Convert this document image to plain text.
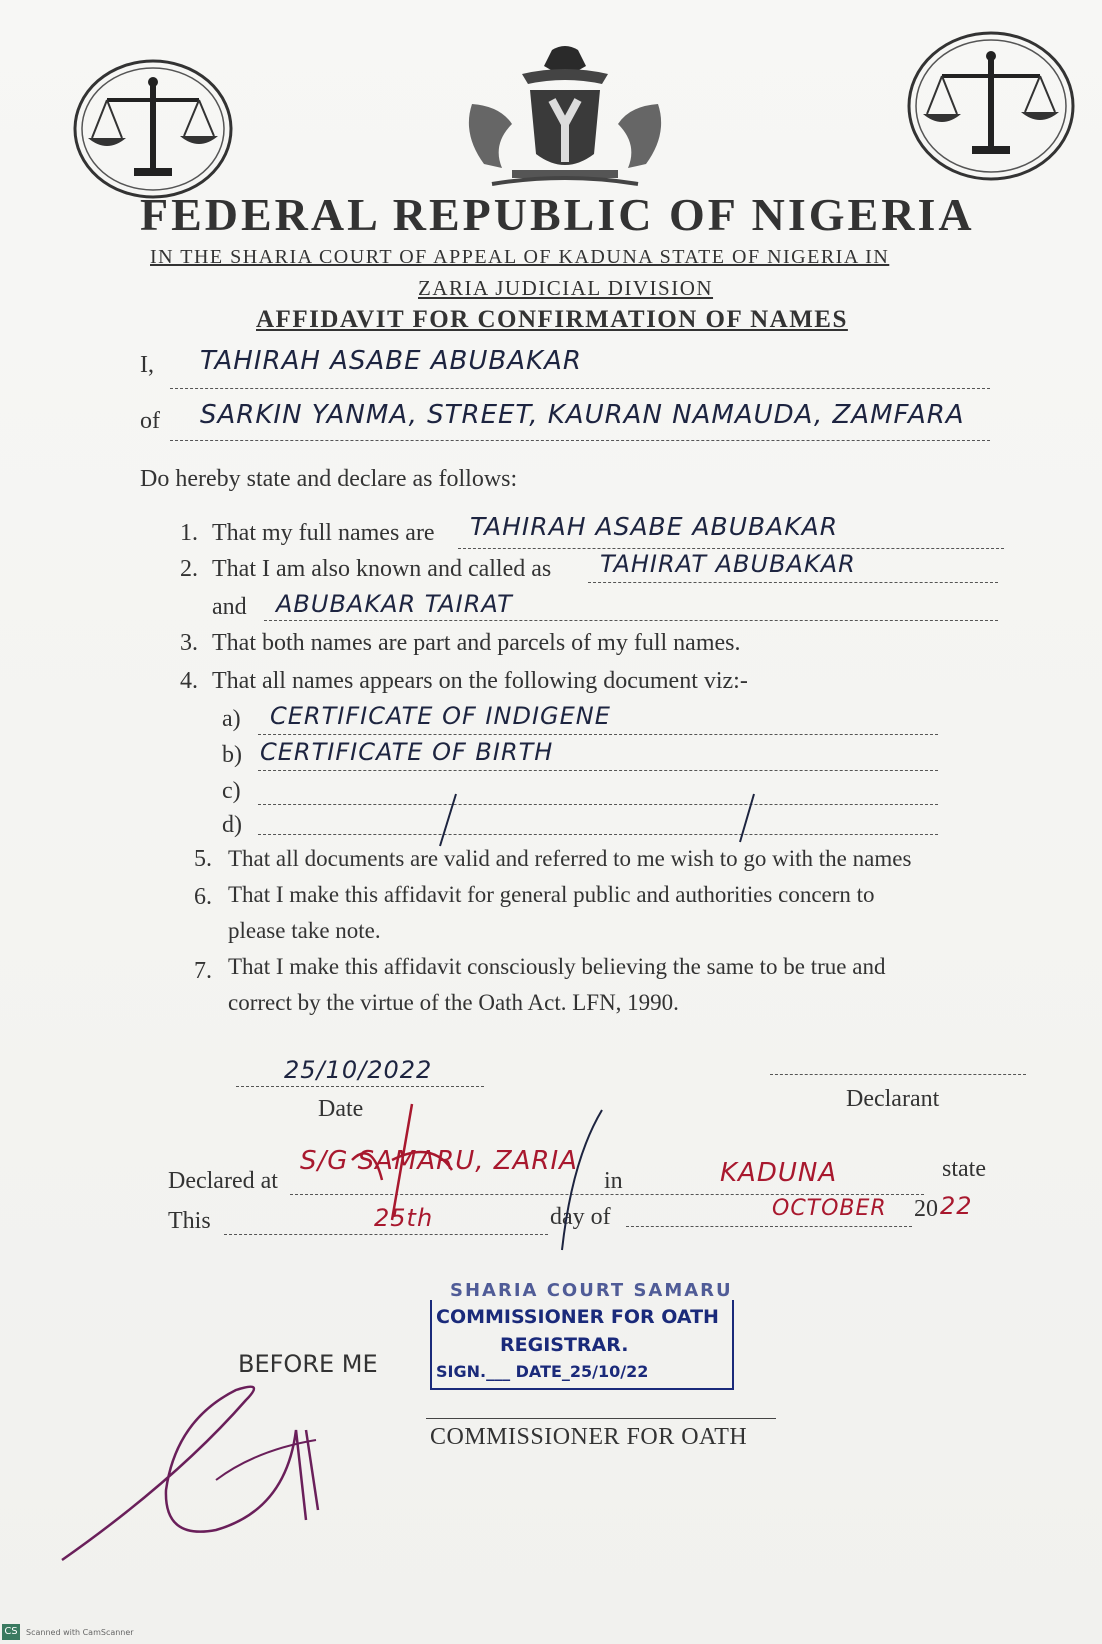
FEDERAL REPUBLIC OF NIGERIA
IN THE SHARIA COURT OF APPEAL OF KADUNA STATE OF NIGERIA IN
ZARIA JUDICIAL DIVISION
AFFIDAVIT FOR CONFIRMATION OF NAMES
I, TAHIRAH ASABE ABUBAKAR
of SARKIN YANMA, STREET, KAURAN NAMAUDA, ZAMFARA
Do hereby state and declare as follows:
1. That my full names are TAHIRAH ASABE ABUBAKAR
2. That I am also known and called as TAHIRAT ABUBAKAR
and ABUBAKAR TAIRAT
3. That both names are part and parcels of my full names.
4. That all names appears on the following document viz:-
a) CERTIFICATE OF INDIGENE
b) CERTIFICATE OF BIRTH
c)
d)
5. That all documents are valid and referred to me wish to go with the names
6. That I make this affidavit for general public and authorities concern to
please take note.
7. That I make this affidavit consciously believing the same to be true and
correct by the virtue of the Oath Act. LFN, 1990.
25/10/2022
Date	Declarant
Declared at
S/G SAMARU, ZARIA
in	KADUNA	state
This	25th	day of	OCTOBER 20 22
BEFORE ME
COMMISSIONER FOR OATH
SHARIA COURT SAMARU
COMMISSIONER FOR OATH
REGISTRAR.
SIGN.___ DATE_25/10/22
CS Scanned with CamScanner
